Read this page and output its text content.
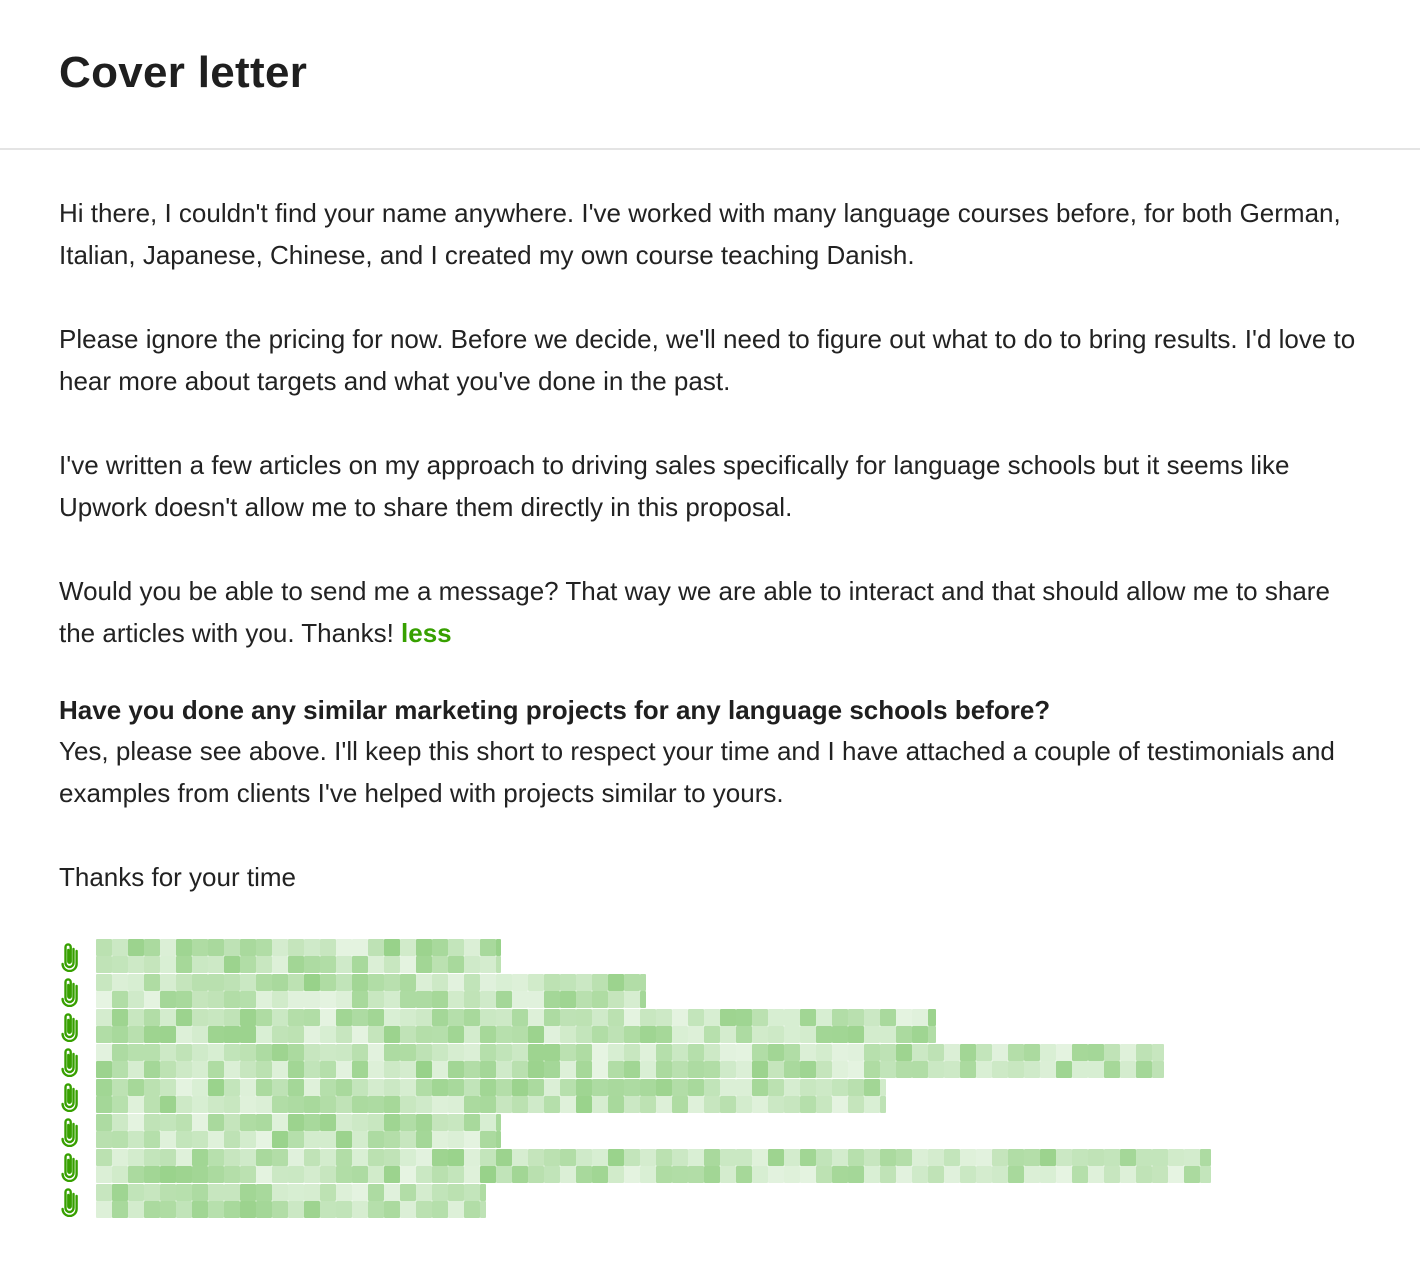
Cover letter

Hi there, I couldn't find your name anywhere. I've worked with many language courses before, for both German, Italian, Japanese, Chinese, and I created my own course teaching Danish.

Please ignore the pricing for now. Before we decide, we'll need to figure out what to do to bring results. I'd love to hear more about targets and what you've done in the past.

I've written a few articles on my approach to driving sales specifically for language schools but it seems like Upwork doesn't allow me to share them directly in this proposal.

Would you be able to send me a message? That way we are able to interact and that should allow me to share the articles with you. Thanks! less

Have you done any similar marketing projects for any language schools before?

Yes, please see above. I'll keep this short to respect your time and I have attached a couple of testimonials and examples from clients I've helped with projects similar to yours.

Thanks for your time
